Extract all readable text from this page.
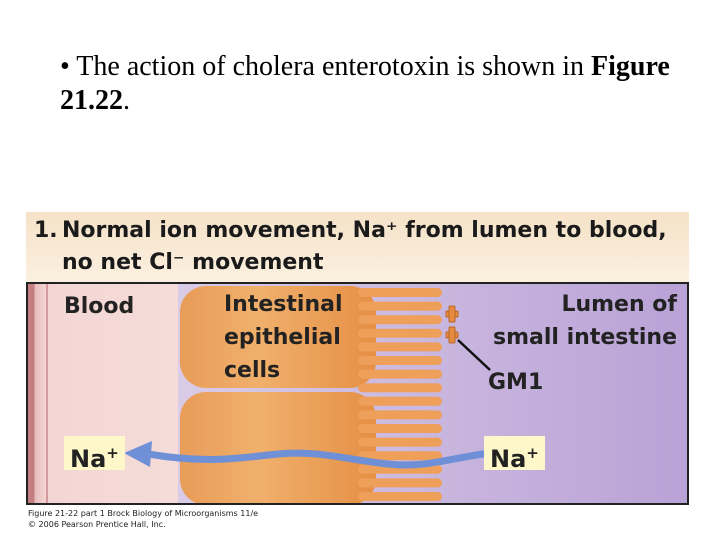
• The action of cholera enterotoxin is shown in Figure 21.22.
1. Normal ion movement, Na⁺ from lumen to blood,
no net Cl⁻ movement
Blood	Intestinal
epithelial
cells
Lumen of
small intestine
GM1
Na+	Na+
Figure 21-22 part 1 Brock Biology of Microorganisms 11/e
© 2006 Pearson Prentice Hall, Inc.
